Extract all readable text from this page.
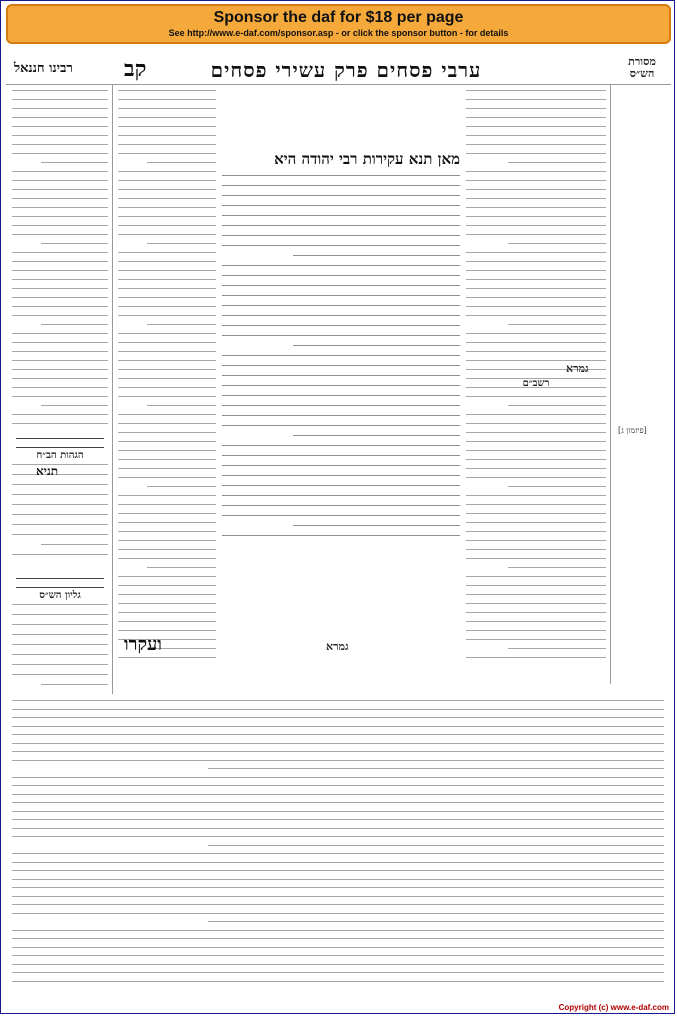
Sponsor the daf for $18 per page
See http://www.e-daf.com/sponsor.asp - or click the sponsor button - for details
מסורת
הש״ס
ערבי פסחים פרק עשירי פסחים
קב
רבינו חננאל
רשב״ם
גמרא
[פיזמון ג]
ועקרו
מאן תנא עקירות רבי יהודה היא
גמרא
הגהות הב״ח
תניא
גליון הש״ס
Copyright (c) www.e-daf.com
